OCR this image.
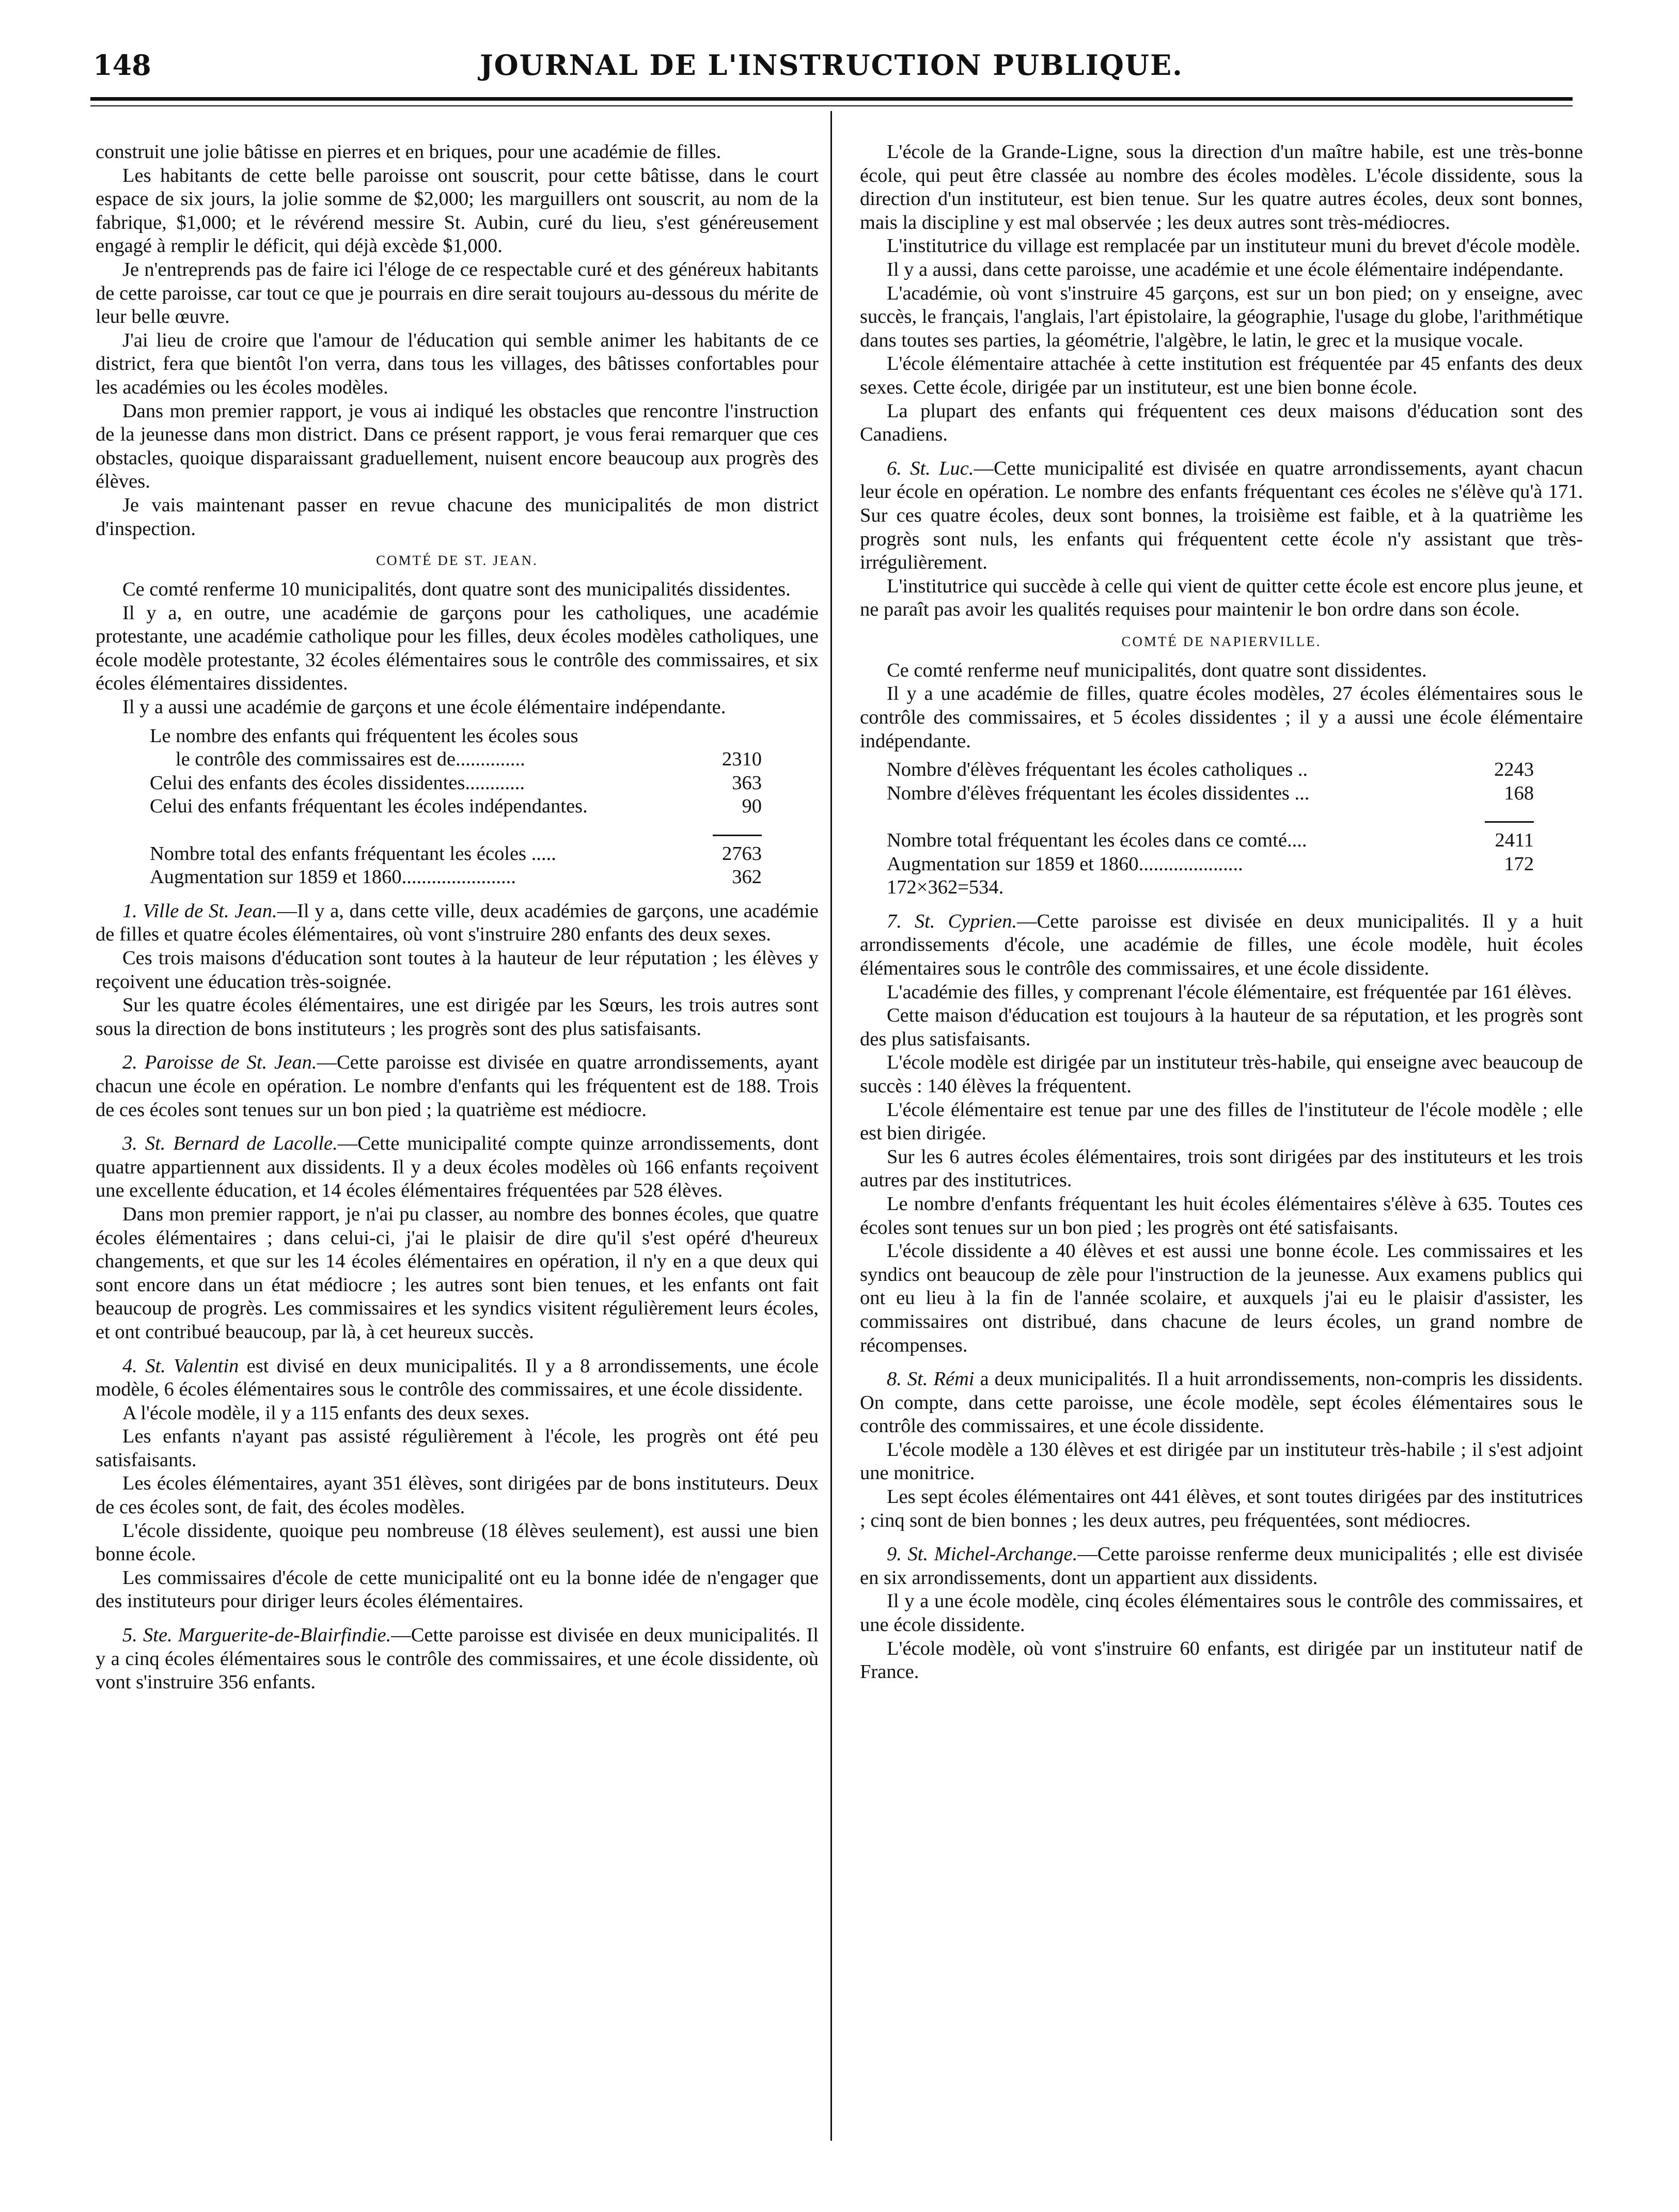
148	JOURNAL DE L'INSTRUCTION PUBLIQUE.

construit une jolie bâtisse en pierres et en briques, pour une académie de filles.

Les habitants de cette belle paroisse ont souscrit, pour cette bâtisse, dans le court espace de six jours, la jolie somme de $2,000; les marguillers ont souscrit, au nom de la fabrique, $1,000; et le révérend messire St. Aubin, curé du lieu, s'est généreusement engagé à remplir le déficit, qui déjà excède $1,000.

Je n'entreprends pas de faire ici l'éloge de ce respectable curé et des généreux habitants de cette paroisse, car tout ce que je pourrais en dire serait toujours au-dessous du mérite de leur belle œuvre.

J'ai lieu de croire que l'amour de l'éducation qui semble animer les habitants de ce district, fera que bientôt l'on verra, dans tous les villages, des bâtisses confortables pour les académies ou les écoles modèles.

Dans mon premier rapport, je vous ai indiqué les obstacles que rencontre l'instruction de la jeunesse dans mon district. Dans ce présent rapport, je vous ferai remarquer que ces obstacles, quoique disparaissant graduellement, nuisent encore beaucoup aux progrès des élèves.

Je vais maintenant passer en revue chacune des municipalités de mon district d'inspection.

COMTÉ DE ST. JEAN.

Ce comté renferme 10 municipalités, dont quatre sont des municipalités dissidentes.

Il y a, en outre, une académie de garçons pour les catholiques, une académie protestante, une académie catholique pour les filles, deux écoles modèles catholiques, une école modèle protestante, 32 écoles élémentaires sous le contrôle des commissaires, et six écoles élémentaires dissidentes.

Il y a aussi une académie de garçons et une école élémentaire indépendante.

Le nombre des enfants qui fréquentent les écoles sous
le contrôle des commissaires est de..............	2310
Celui des enfants des écoles dissidentes............	363
Celui des enfants fréquentant les écoles indépendantes.	90
Nombre total des enfants fréquentant les écoles .....	2763
Augmentation sur 1859 et 1860.......................	362

1. Ville de St. Jean.—Il y a, dans cette ville, deux académies de garçons, une académie de filles et quatre écoles élémentaires, où vont s'instruire 280 enfants des deux sexes.

Ces trois maisons d'éducation sont toutes à la hauteur de leur réputation ; les élèves y reçoivent une éducation très-soignée.

Sur les quatre écoles élémentaires, une est dirigée par les Sœurs, les trois autres sont sous la direction de bons instituteurs ; les progrès sont des plus satisfaisants.

2. Paroisse de St. Jean.—Cette paroisse est divisée en quatre arrondissements, ayant chacun une école en opération. Le nombre d'enfants qui les fréquentent est de 188. Trois de ces écoles sont tenues sur un bon pied ; la quatrième est médiocre.

3. St. Bernard de Lacolle.—Cette municipalité compte quinze arrondissements, dont quatre appartiennent aux dissidents. Il y a deux écoles modèles où 166 enfants reçoivent une excellente éducation, et 14 écoles élémentaires fréquentées par 528 élèves.

Dans mon premier rapport, je n'ai pu classer, au nombre des bonnes écoles, que quatre écoles élémentaires ; dans celui-ci, j'ai le plaisir de dire qu'il s'est opéré d'heureux changements, et que sur les 14 écoles élémentaires en opération, il n'y en a que deux qui sont encore dans un état médiocre ; les autres sont bien tenues, et les enfants ont fait beaucoup de progrès. Les commissaires et les syndics visitent régulièrement leurs écoles, et ont contribué beaucoup, par là, à cet heureux succès.

4. St. Valentin est divisé en deux municipalités. Il y a 8 arrondissements, une école modèle, 6 écoles élémentaires sous le contrôle des commissaires, et une école dissidente.

A l'école modèle, il y a 115 enfants des deux sexes.

Les enfants n'ayant pas assisté régulièrement à l'école, les progrès ont été peu satisfaisants.

Les écoles élémentaires, ayant 351 élèves, sont dirigées par de bons instituteurs. Deux de ces écoles sont, de fait, des écoles modèles.

L'école dissidente, quoique peu nombreuse (18 élèves seulement), est aussi une bien bonne école.

Les commissaires d'école de cette municipalité ont eu la bonne idée de n'engager que des instituteurs pour diriger leurs écoles élémentaires.

5. Ste. Marguerite-de-Blairfindie.—Cette paroisse est divisée en deux municipalités. Il y a cinq écoles élémentaires sous le contrôle des commissaires, et une école dissidente, où vont s'instruire 356 enfants.

L'école de la Grande-Ligne, sous la direction d'un maître habile, est une très-bonne école, qui peut être classée au nombre des écoles modèles. L'école dissidente, sous la direction d'un instituteur, est bien tenue. Sur les quatre autres écoles, deux sont bonnes, mais la discipline y est mal observée ; les deux autres sont très-médiocres.

L'institutrice du village est remplacée par un instituteur muni du brevet d'école modèle.

Il y a aussi, dans cette paroisse, une académie et une école élémentaire indépendante.

L'académie, où vont s'instruire 45 garçons, est sur un bon pied; on y enseigne, avec succès, le français, l'anglais, l'art épistolaire, la géographie, l'usage du globe, l'arithmétique dans toutes ses parties, la géométrie, l'algèbre, le latin, le grec et la musique vocale.

L'école élémentaire attachée à cette institution est fréquentée par 45 enfants des deux sexes. Cette école, dirigée par un instituteur, est une bien bonne école.

La plupart des enfants qui fréquentent ces deux maisons d'éducation sont des Canadiens.

6. St. Luc.—Cette municipalité est divisée en quatre arrondissements, ayant chacun leur école en opération. Le nombre des enfants fréquentant ces écoles ne s'élève qu'à 171. Sur ces quatre écoles, deux sont bonnes, la troisième est faible, et à la quatrième les progrès sont nuls, les enfants qui fréquentent cette école n'y assistant que très-irrégulièrement.

L'institutrice qui succède à celle qui vient de quitter cette école est encore plus jeune, et ne paraît pas avoir les qualités requises pour maintenir le bon ordre dans son école.

COMTÉ DE NAPIERVILLE.

Ce comté renferme neuf municipalités, dont quatre sont dissidentes.

Il y a une académie de filles, quatre écoles modèles, 27 écoles élémentaires sous le contrôle des commissaires, et 5 écoles dissidentes ; il y a aussi une école élémentaire indépendante.

Nombre d'élèves fréquentant les écoles catholiques ..	2243
Nombre d'élèves fréquentant les écoles dissidentes ...	168
Nombre total fréquentant les écoles dans ce comté....	2411
Augmentation sur 1859 et 1860.....................	172
172×362=534.

7. St. Cyprien.—Cette paroisse est divisée en deux municipalités. Il y a huit arrondissements d'école, une académie de filles, une école modèle, huit écoles élémentaires sous le contrôle des commissaires, et une école dissidente.

L'académie des filles, y comprenant l'école élémentaire, est fréquentée par 161 élèves.

Cette maison d'éducation est toujours à la hauteur de sa réputation, et les progrès sont des plus satisfaisants.

L'école modèle est dirigée par un instituteur très-habile, qui enseigne avec beaucoup de succès : 140 élèves la fréquentent.

L'école élémentaire est tenue par une des filles de l'instituteur de l'école modèle ; elle est bien dirigée.

Sur les 6 autres écoles élémentaires, trois sont dirigées par des instituteurs et les trois autres par des institutrices.

Le nombre d'enfants fréquentant les huit écoles élémentaires s'élève à 635. Toutes ces écoles sont tenues sur un bon pied ; les progrès ont été satisfaisants.

L'école dissidente a 40 élèves et est aussi une bonne école. Les commissaires et les syndics ont beaucoup de zèle pour l'instruction de la jeunesse. Aux examens publics qui ont eu lieu à la fin de l'année scolaire, et auxquels j'ai eu le plaisir d'assister, les commissaires ont distribué, dans chacune de leurs écoles, un grand nombre de récompenses.

8. St. Rémi a deux municipalités. Il a huit arrondissements, non-compris les dissidents. On compte, dans cette paroisse, une école modèle, sept écoles élémentaires sous le contrôle des commissaires, et une école dissidente.

L'école modèle a 130 élèves et est dirigée par un instituteur très-habile ; il s'est adjoint une monitrice.

Les sept écoles élémentaires ont 441 élèves, et sont toutes dirigées par des institutrices ; cinq sont de bien bonnes ; les deux autres, peu fréquentées, sont médiocres.

9. St. Michel-Archange.—Cette paroisse renferme deux municipalités ; elle est divisée en six arrondissements, dont un appartient aux dissidents.

Il y a une école modèle, cinq écoles élémentaires sous le contrôle des commissaires, et une école dissidente.

L'école modèle, où vont s'instruire 60 enfants, est dirigée par un instituteur natif de France.
